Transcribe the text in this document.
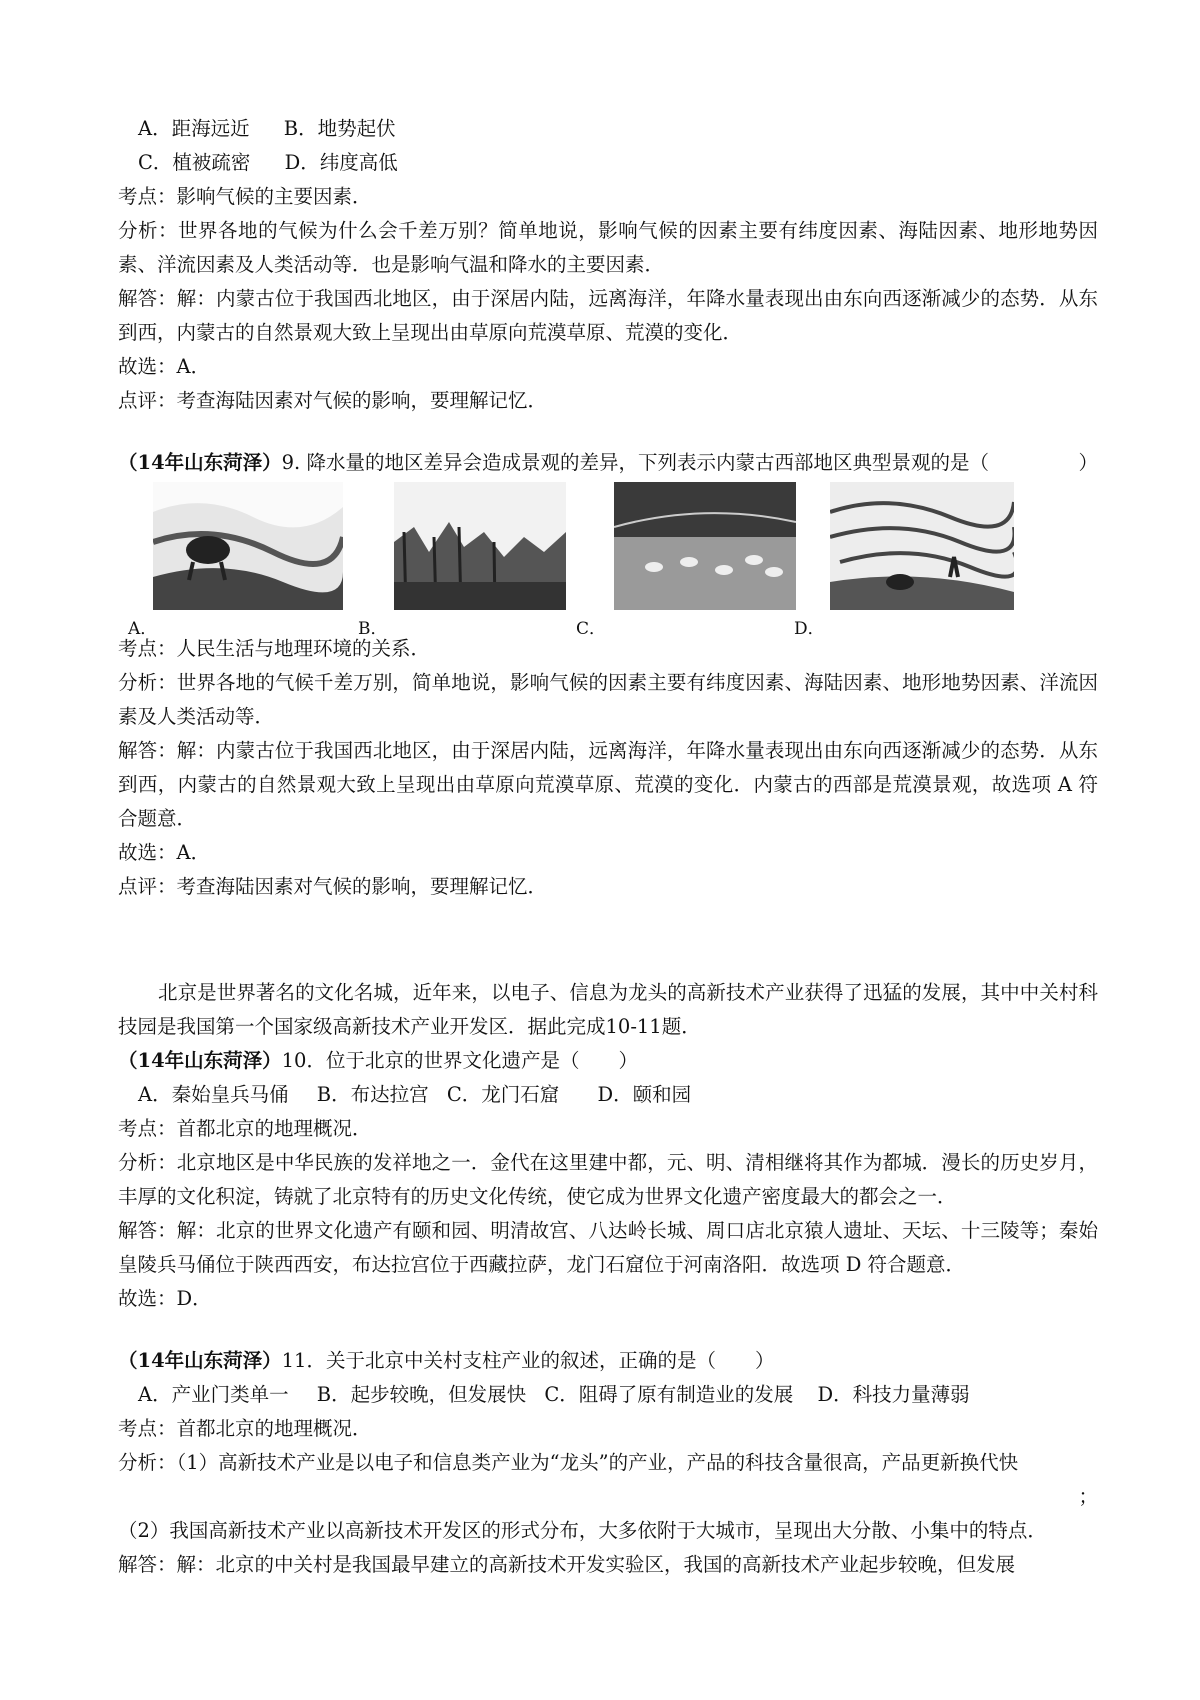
A．距海远近 B．地势起伏
C．植被疏密 D．纬度高低
考点：影响气候的主要因素．
分析：世界各地的气候为什么会千差万别？简单地说，影响气候的因素主要有纬度因素、海陆因素、地形地势因素、洋流因素及人类活动等．也是影响气温和降水的主要因素．
解答：解：内蒙古位于我国西北地区，由于深居内陆，远离海洋，年降水量表现出由东向西逐渐减少的态势．从东到西，内蒙古的自然景观大致上呈现出由草原向荒漠草原、荒漠的变化．
故选：A．
点评：考查海陆因素对气候的影响，要理解记忆．
（14年山东菏泽）9. 降水量的地区差异会造成景观的差异，下列表示内蒙古西部地区典型景观的是（	）
A．	B．	C．	D．
考点：人民生活与地理环境的关系．
分析：世界各地的气候千差万别，简单地说，影响气候的因素主要有纬度因素、海陆因素、地形地势因素、洋流因素及人类活动等．
解答：解：内蒙古位于我国西北地区，由于深居内陆，远离海洋，年降水量表现出由东向西逐渐减少的态势．从东到西，内蒙古的自然景观大致上呈现出由草原向荒漠草原、荒漠的变化．内蒙古的西部是荒漠景观，故选项 A 符合题意．
故选：A．
点评：考查海陆因素对气候的影响，要理解记忆．
北京是世界著名的文化名城，近年来，以电子、信息为龙头的高新技术产业获得了迅猛的发展，其中中关村科技园是我国第一个国家级高新技术产业开发区．据此完成10-11题．
（14年山东菏泽）10．位于北京的世界文化遗产是（　　）
A．秦始皇兵马俑 B．布达拉宫 C．龙门石窟 D．颐和园
考点：首都北京的地理概况．
分析：北京地区是中华民族的发祥地之一．金代在这里建中都，元、明、清相继将其作为都城．漫长的历史岁月，丰厚的文化积淀，铸就了北京特有的历史文化传统，使它成为世界文化遗产密度最大的都会之一．
解答：解：北京的世界文化遗产有颐和园、明清故宫、八达岭长城、周口店北京猿人遗址、天坛、十三陵等；秦始皇陵兵马俑位于陕西西安，布达拉宫位于西藏拉萨，龙门石窟位于河南洛阳．故选项 D 符合题意．
故选：D．
（14年山东菏泽）11．关于北京中关村支柱产业的叙述，正确的是（　　）
A．产业门类单一 B．起步较晚，但发展快 C．阻碍了原有制造业的发展 D．科技力量薄弱
考点：首都北京的地理概况．
分析：（1）高新技术产业是以电子和信息类产业为“龙头”的产业，产品的科技含量很高，产品更新换代快
；
（2）我国高新技术产业以高新技术开发区的形式分布，大多依附于大城市，呈现出大分散、小集中的特点．
解答：解：北京的中关村是我国最早建立的高新技术开发实验区，我国的高新技术产业起步较晚，但发展
